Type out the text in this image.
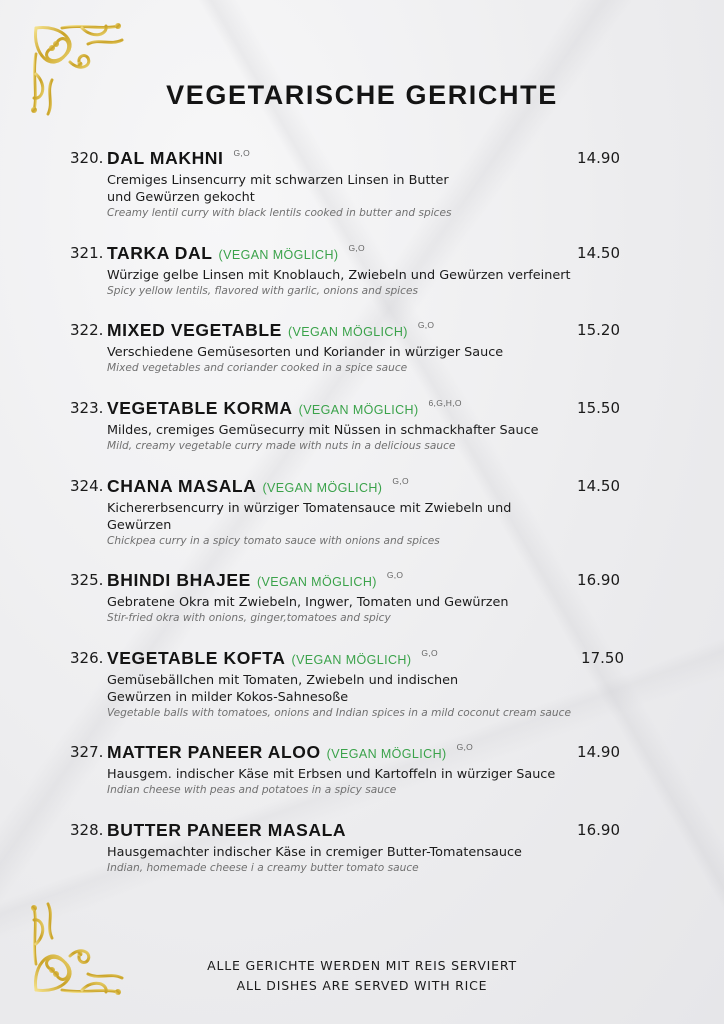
VEGETARISCHE GERICHTE
320. DAL MAKHNI $^{G,O}$	14.90
Cremiges Linsencurry mit schwarzen Linsen in Butter und Gewürzen gekocht
Creamy lentil curry with black lentils cooked in butter and spices
321. TARKA DAL (VEGAN MÖGLICH) $^{G,O}$	14.50
Würzige gelbe Linsen mit Knoblauch, Zwiebeln und Gewürzen verfeinert
Spicy yellow lentils, flavored with garlic, onions and spices
322. MIXED VEGETABLE (VEGAN MÖGLICH) $^{G,O}$	15.20
Verschiedene Gemüsesorten und Koriander in würziger Sauce
Mixed vegetables and coriander cooked in a spice sauce
323. VEGETABLE KORMA (VEGAN MÖGLICH) $^{6,G,H,O}$	15.50
Mildes, cremiges Gemüsecurry mit Nüssen in schmackhafter Sauce
Mild, creamy vegetable curry made with nuts in a delicious sauce
324. CHANA MASALA (VEGAN MÖGLICH) $^{G,O}$	14.50
Kichererbsencurry in würziger Tomatensauce mit Zwiebeln und Gewürzen
Chickpea curry in a spicy tomato sauce with onions and spices
325. BHINDI BHAJEE (VEGAN MÖGLICH) $^{G,O}$	16.90
Gebratene Okra mit Zwiebeln, Ingwer, Tomaten und Gewürzen
Stir-fried okra with onions, ginger,tomatoes and spicy
326. VEGETABLE KOFTA (VEGAN MÖGLICH) $^{G,O}$	17.50
Gemüsebällchen mit Tomaten, Zwiebeln und indischen Gewürzen in milder Kokos-Sahnesoße
Vegetable balls with tomatoes, onions and Indian spices in a mild coconut cream sauce
327. MATTER PANEER ALOO (VEGAN MÖGLICH) $^{G,O}$	14.90
Hausgem. indischer Käse mit Erbsen und Kartoffeln in würziger Sauce
Indian cheese with peas and potatoes in a spicy sauce
328. BUTTER PANEER MASALA	16.90
Hausgemachter indischer Käse in cremiger Butter-Tomatensauce
Indian, homemade cheese i a creamy butter tomato sauce
ALLE GERICHTE WERDEN MIT REIS SERVIERT
ALL DISHES ARE SERVED WITH RICE
